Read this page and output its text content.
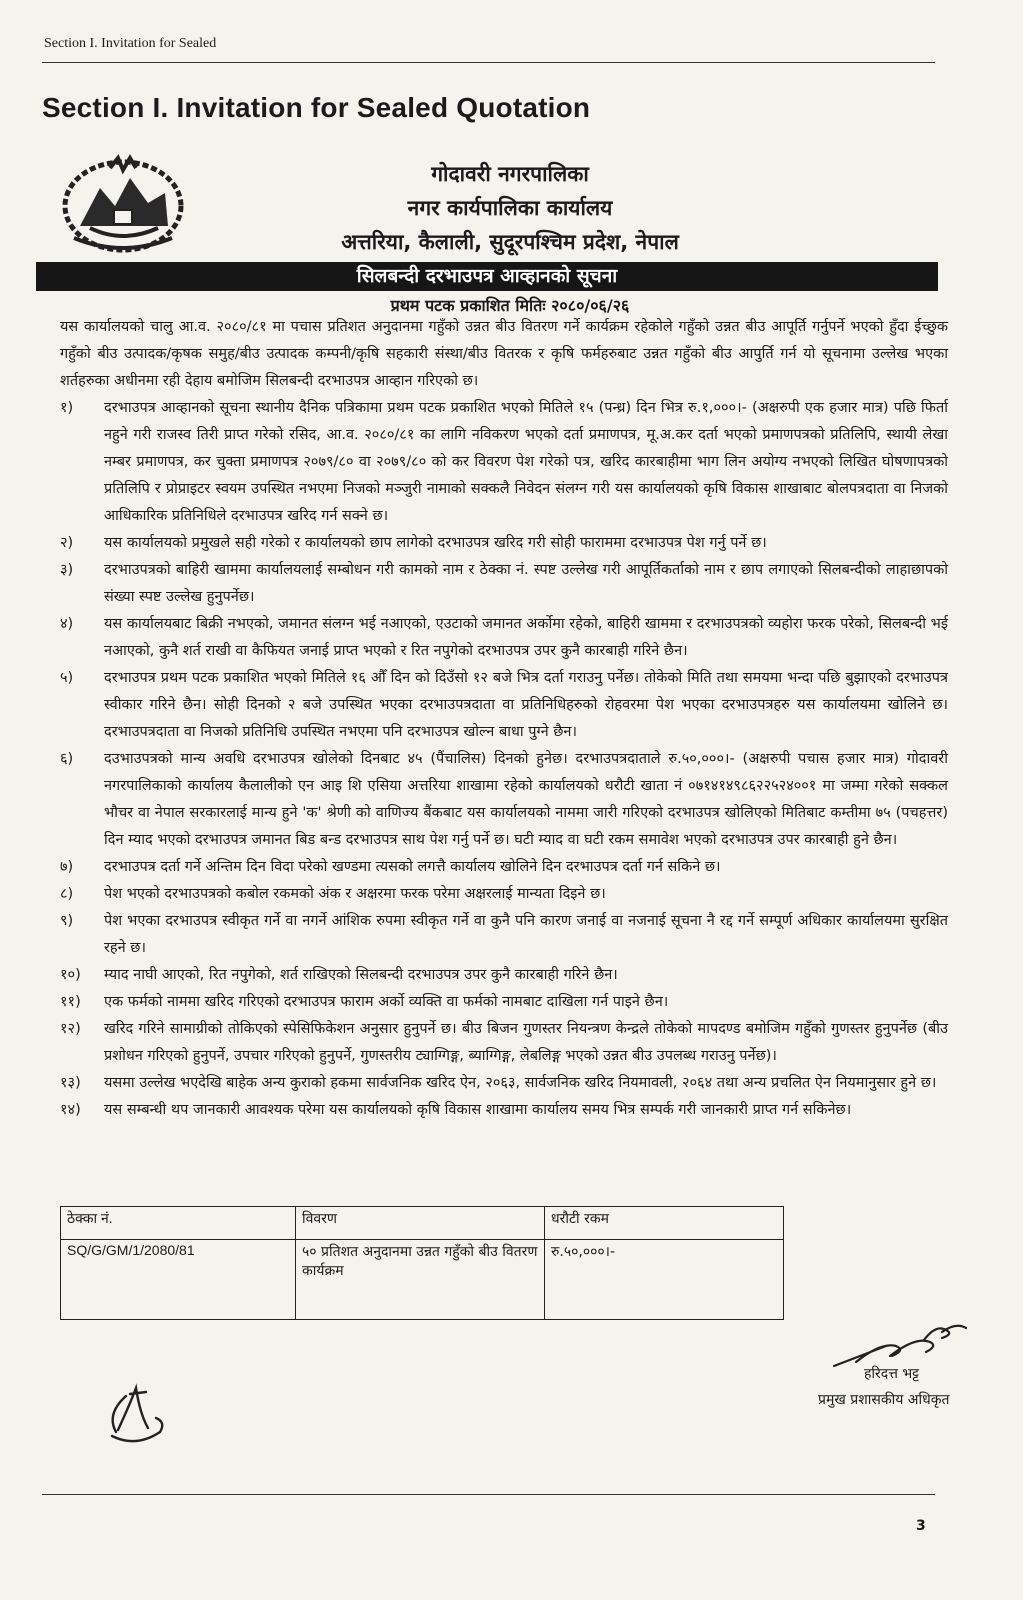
Section I. Invitation for Sealed
Section I. Invitation for Sealed Quotation
गोदावरी नगरपालिका
नगर कार्यपालिका कार्यालय
अत्तरिया, कैलाली, सुदूरपश्चिम प्रदेश, नेपाल
सिलबन्दी दरभाउपत्र आव्हानको सूचना
प्रथम पटक प्रकाशित मितिः २०८०/०६/२६

यस कार्यालयको चालु आ.व. २०८०/८१ मा पचास प्रतिशत अनुदानमा गहुँको उन्नत बीउ वितरण गर्ने कार्यक्रम रहेकोले गहुँको उन्नत बीउ आपूर्ति गर्नुपर्ने भएको हुँदा ईच्छुक गहुँको बीउ उत्पादक/कृषक समुह/बीउ उत्पादक कम्पनी/कृषि सहकारी संस्था/बीउ वितरक र कृषि फर्महरुबाट उन्नत गहुँको बीउ आपुर्ति गर्न यो सूचनामा उल्लेख भएका शर्तहरुका अधीनमा रही देहाय बमोजिम सिलबन्दी दरभाउपत्र आव्हान गरिएको छ।

१)	दरभाउपत्र आव्हानको सूचना स्थानीय दैनिक पत्रिकामा प्रथम पटक प्रकाशित भएको मितिले १५ (पन्ध्र) दिन भित्र रु.१,०००।- (अक्षरुपी एक हजार मात्र) पछि फिर्ता नहुने गरी राजस्व तिरी प्राप्त गरेको रसिद, आ.व. २०८०/८१ का लागि नविकरण भएको दर्ता प्रमाणपत्र, मू.अ.कर दर्ता भएको प्रमाणपत्रको प्रतिलिपि, स्थायी लेखा नम्बर प्रमाणपत्र, कर चुक्ता प्रमाणपत्र २०७९/८० वा २०७९/८० को कर विवरण पेश गरेको पत्र, खरिद कारबाहीमा भाग लिन अयोग्य नभएको लिखित घोषणापत्रको प्रतिलिपि र प्रोप्राइटर स्वयम उपस्थित नभएमा निजको मञ्जुरी नामाको सक्कलै निवेदन संलग्न गरी यस कार्यालयको कृषि विकास शाखाबाट बोलपत्रदाता वा निजको आधिकारिक प्रतिनिधिले दरभाउपत्र खरिद गर्न सक्ने छ।
२)	यस कार्यालयको प्रमुखले सही गरेको र कार्यालयको छाप लागेको दरभाउपत्र खरिद गरी सोही फाराममा दरभाउपत्र पेश गर्नु पर्ने छ।
३)	दरभाउपत्रको बाहिरी खाममा कार्यालयलाई सम्बोधन गरी कामको नाम र ठेक्का नं. स्पष्ट उल्लेख गरी आपूर्तिकर्ताको नाम र छाप लगाएको सिलबन्दीको लाहाछापको संख्या स्पष्ट उल्लेख हुनुपर्नेछ।
४)	यस कार्यालयबाट बिक्री नभएको, जमानत संलग्न भई नआएको, एउटाको जमानत अर्कोमा रहेको, बाहिरी खाममा र दरभाउपत्रको व्यहोरा फरक परेको, सिलबन्दी भई नआएको, कुनै शर्त राखी वा कैफियत जनाई प्राप्त भएको र रित नपुगेको दरभाउपत्र उपर कुनै कारबाही गरिने छैन।
५)	दरभाउपत्र प्रथम पटक प्रकाशित भएको मितिले १६ औँ दिन को दिउँसो १२ बजे भित्र दर्ता गराउनु पर्नेछ। तोकेको मिति तथा समयमा भन्दा पछि बुझाएको दरभाउपत्र स्वीकार गरिने छैन। सोही दिनको २ बजे उपस्थित भएका दरभाउपत्रदाता वा प्रतिनिधिहरुको रोहवरमा पेश भएका दरभाउपत्रहरु यस कार्यालयमा खोलिने छ। दरभाउपत्रदाता वा निजको प्रतिनिधि उपस्थित नभएमा पनि दरभाउपत्र खोल्न बाधा पुग्ने छैन।
६)	दउभाउपत्रको मान्य अवधि दरभाउपत्र खोलेको दिनबाट ४५ (पैंचालिस) दिनको हुनेछ। दरभाउपत्रदाताले रु.५०,०००।- (अक्षरुपी पचास हजार मात्र) गोदावरी नगरपालिकाको कार्यालय कैलालीको एन आइ शि एसिया अत्तरिया शाखामा रहेको कार्यालयको धरौटी खाता नं ०७१४१४९८६२२५२४००१ मा जम्मा गरेको सक्कल भौचर वा नेपाल सरकारलाई मान्य हुने 'क' श्रेणी को वाणिज्य बैंकबाट यस कार्यालयको नाममा जारी गरिएको दरभाउपत्र खोलिएको मितिबाट कम्तीमा ७५ (पचहत्तर) दिन म्याद भएको दरभाउपत्र जमानत बिड बन्ड दरभाउपत्र साथ पेश गर्नु पर्ने छ। घटी म्याद वा घटी रकम समावेश भएको दरभाउपत्र उपर कारबाही हुने छैन।
७)	दरभाउपत्र दर्ता गर्ने अन्तिम दिन विदा परेको खण्डमा त्यसको लगत्तै कार्यालय खोलिने दिन दरभाउपत्र दर्ता गर्न सकिने छ।
८)	पेश भएको दरभाउपत्रको कबोल रकमको अंक र अक्षरमा फरक परेमा अक्षरलाई मान्यता दिइने छ।
९)	पेश भएका दरभाउपत्र स्वीकृत गर्ने वा नगर्ने आंशिक रुपमा स्वीकृत गर्ने वा कुनै पनि कारण जनाई वा नजनाई सूचना नै रद्द गर्ने सम्पूर्ण अधिकार कार्यालयमा सुरक्षित रहने छ।
१०)	म्याद नाघी आएको, रित नपुगेको, शर्त राखिएको सिलबन्दी दरभाउपत्र उपर कुनै कारबाही गरिने छैन।
११)	एक फर्मको नाममा खरिद गरिएको दरभाउपत्र फाराम अर्को व्यक्ति वा फर्मको नामबाट दाखिला गर्न पाइने छैन।
१२)	खरिद गरिने सामाग्रीको तोकिएको स्पेसिफिकेशन अनुसार हुनुपर्ने छ। बीउ बिजन गुणस्तर नियन्त्रण केन्द्रले तोकेको मापदण्ड बमोजिम गहुँको गुणस्तर हुनुपर्नेछ (बीउ प्रशोधन गरिएको हुनुपर्ने, उपचार गरिएको हुनुपर्ने, गुणस्तरीय ट्याग्गिङ्ग, ब्याग्गिङ्ग, लेबलिङ्ग भएको उन्नत बीउ उपलब्ध गराउनु पर्नेछ)।
१३)	यसमा उल्लेख भएदेखि बाहेक अन्य कुराको हकमा सार्वजनिक खरिद ऐन, २०६३, सार्वजनिक खरिद नियमावली, २०६४ तथा अन्य प्रचलित ऐन नियमानुसार हुने छ।
१४)	यस सम्बन्धी थप जानकारी आवश्यक परेमा यस कार्यालयको कृषि विकास शाखामा कार्यालय समय भित्र सम्पर्क गरी जानकारी प्राप्त गर्न सकिनेछ।
ठेक्का नं.	विवरण	धरौटी रकम
SQ/G/GM/1/2080/81	५० प्रतिशत अनुदानमा उन्नत गहुँको बीउ वितरण कार्यक्रम	रु.५०,०००।-
हरिदत्त भट्ट
प्रमुख प्रशासकीय अधिकृत
3
